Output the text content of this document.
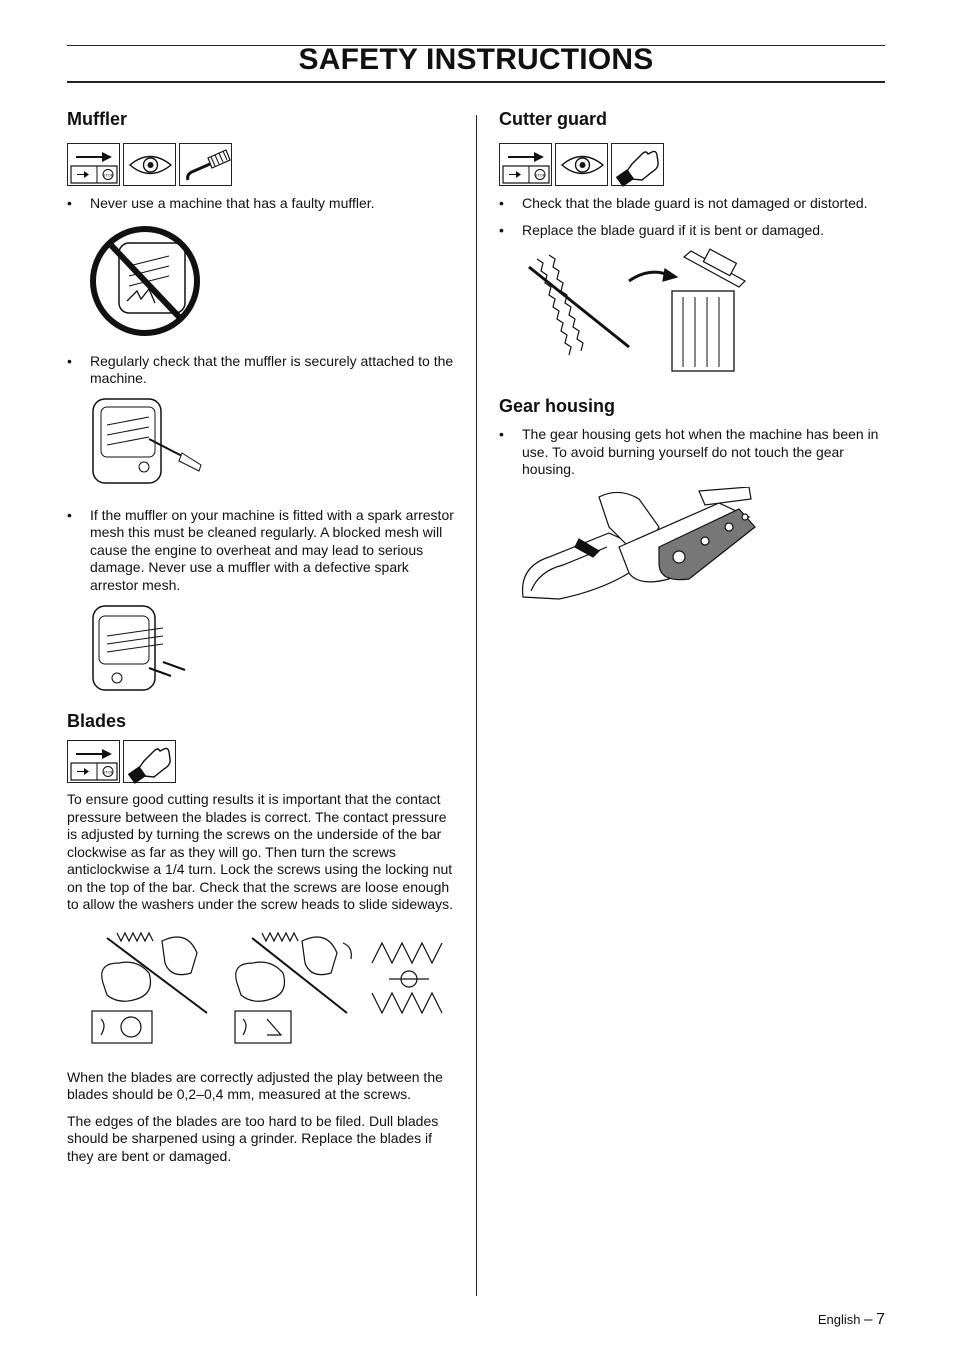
SAFETY INSTRUCTIONS
Muffler
STOP
• Never use a machine that has a faulty muffler.
• Regularly check that the muffler is securely attached to the machine.
• If the muffler on your machine is fitted with a spark arrestor mesh this must be cleaned regularly. A blocked mesh will cause the engine to overheat and may lead to serious damage. Never use a muffler with a defective spark arrestor mesh.
Blades
STOP

To ensure good cutting results it is important that the contact pressure between the blades is correct. The contact pressure is adjusted by turning the screws on the underside of the bar clockwise as far as they will go. Then turn the screws anticlockwise a 1/4 turn. Lock the screws using the locking nut on the top of the bar. Check that the screws are loose enough to allow the washers under the screw heads to slide sideways.

When the blades are correctly adjusted the play between the blades should be 0,2–0,4 mm, measured at the screws.

The edges of the blades are too hard to be filed. Dull blades should be sharpened using a grinder. Replace the blades if they are bent or damaged.

Cutter guard
STOP
• Check that the blade guard is not damaged or distorted.
• Replace the blade guard if it is bent or damaged.
Gear housing
• The gear housing gets hot when the machine has been in use. To avoid burning yourself do not touch the gear housing.
English – 7
